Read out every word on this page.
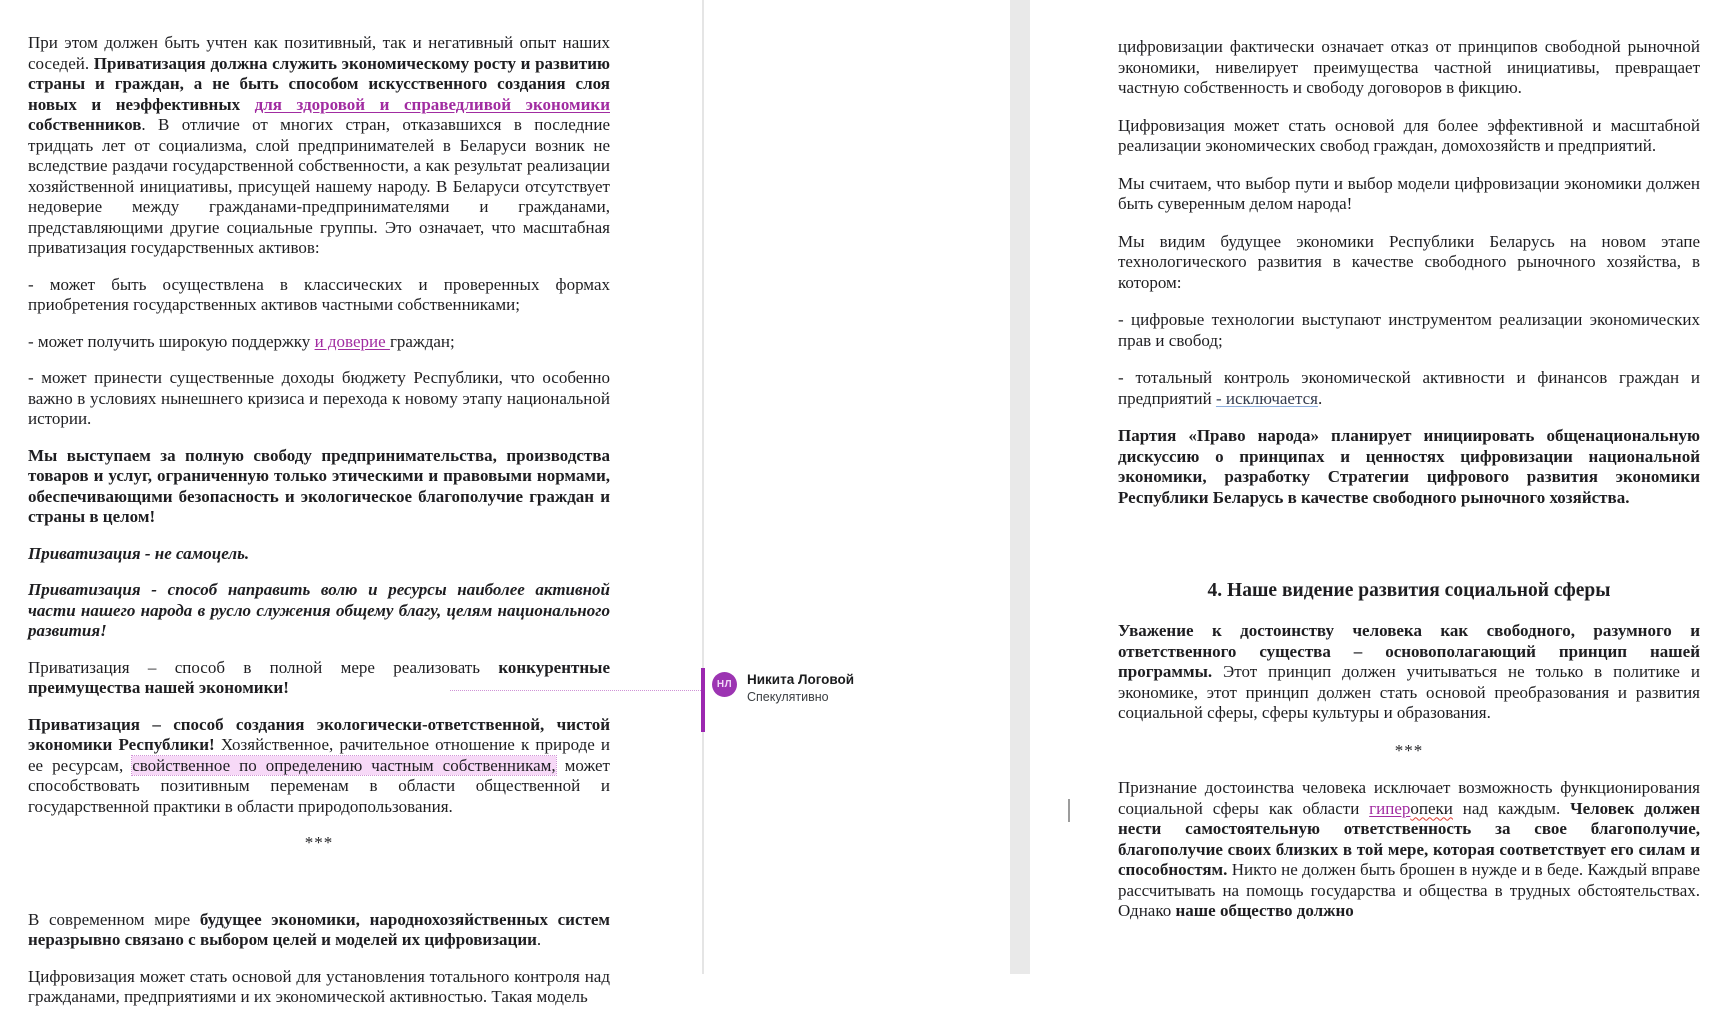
При этом должен быть учтен как позитивный, так и негативный опыт наших соседей. Приватизация должна служить экономическому росту и развитию страны и граждан, а не быть способом искусственного создания слоя новых и неэффективных для здоровой и справедливой экономики собственников. В отличие от многих стран, отказавшихся в последние тридцать лет от социализма, слой предпринимателей в Беларуси возник не вследствие раздачи государственной собственности, а как результат реализации хозяйственной инициативы, присущей нашему народу. В Беларуси отсутствует недоверие между гражданами-предпринимателями и гражданами, представляющими другие социальные группы. Это означает, что масштабная приватизация государственных активов:

- может быть осуществлена в классических и проверенных формах приобретения государственных активов частными собственниками;

- может получить широкую поддержку и доверие граждан;

- может принести существенные доходы бюджету Республики, что особенно важно в условиях нынешнего кризиса и перехода к новому этапу национальной истории.

Мы выступаем за полную свободу предпринимательства, производства товаров и услуг, ограниченную только этическими и правовыми нормами, обеспечивающими безопасность и экологическое благополучие граждан и страны в целом!

Приватизация - не самоцель.

Приватизация - способ направить волю и ресурсы наиболее активной части нашего народа в русло служения общему благу, целям национального развития!

Приватизация – способ в полной мере реализовать конкурентные преимущества нашей экономики!

Приватизация – способ создания экологически-ответственной, чистой экономики Республики! Хозяйственное, рачительное отношение к природе и ее ресурсам, свойственное по определению частным собственникам, может способствовать позитивным переменам в области общественной и государственной практики в области природопользования.

***

В современном мире будущее экономики, народнохозяйственных систем неразрывно связано с выбором целей и моделей их цифровизации.

Цифровизация может стать основой для установления тотального контроля над гражданами, предприятиями и их экономической активностью. Такая модель

НЛ Никита Логовой
Спекулятивно

цифровизации фактически означает отказ от принципов свободной рыночной экономики, нивелирует преимущества частной инициативы, превращает частную собственность и свободу договоров в фикцию.

Цифровизация может стать основой для более эффективной и масштабной реализации экономических свобод граждан, домохозяйств и предприятий.

Мы считаем, что выбор пути и выбор модели цифровизации экономики должен быть суверенным делом народа!

Мы видим будущее экономики Республики Беларусь на новом этапе технологического развития в качестве свободного рыночного хозяйства, в котором:

- цифровые технологии выступают инструментом реализации экономических прав и свобод;

- тотальный контроль экономической активности и финансов граждан и предприятий - исключается.

Партия «Право народа» планирует инициировать общенациональную дискуссию о принципах и ценностях цифровизации национальной экономики, разработку Стратегии цифрового развития экономики Республики Беларусь в качестве свободного рыночного хозяйства.

4. Наше видение развития социальной сферы

Уважение к достоинству человека как свободного, разумного и ответственного существа – основополагающий принцип нашей программы. Этот принцип должен учитываться не только в политике и экономике, этот принцип должен стать основой преобразования и развития социальной сферы, сферы культуры и образования.

***

Признание достоинства человека исключает возможность функционирования социальной сферы как области гиперопеки над каждым. Человек должен нести самостоятельную ответственность за свое благополучие, благополучие своих близких в той мере, которая соответствует его силам и способностям. Никто не должен быть брошен в нужде и в беде. Каждый вправе рассчитывать на помощь государства и общества в трудных обстоятельствах. Однако наше общество должно
